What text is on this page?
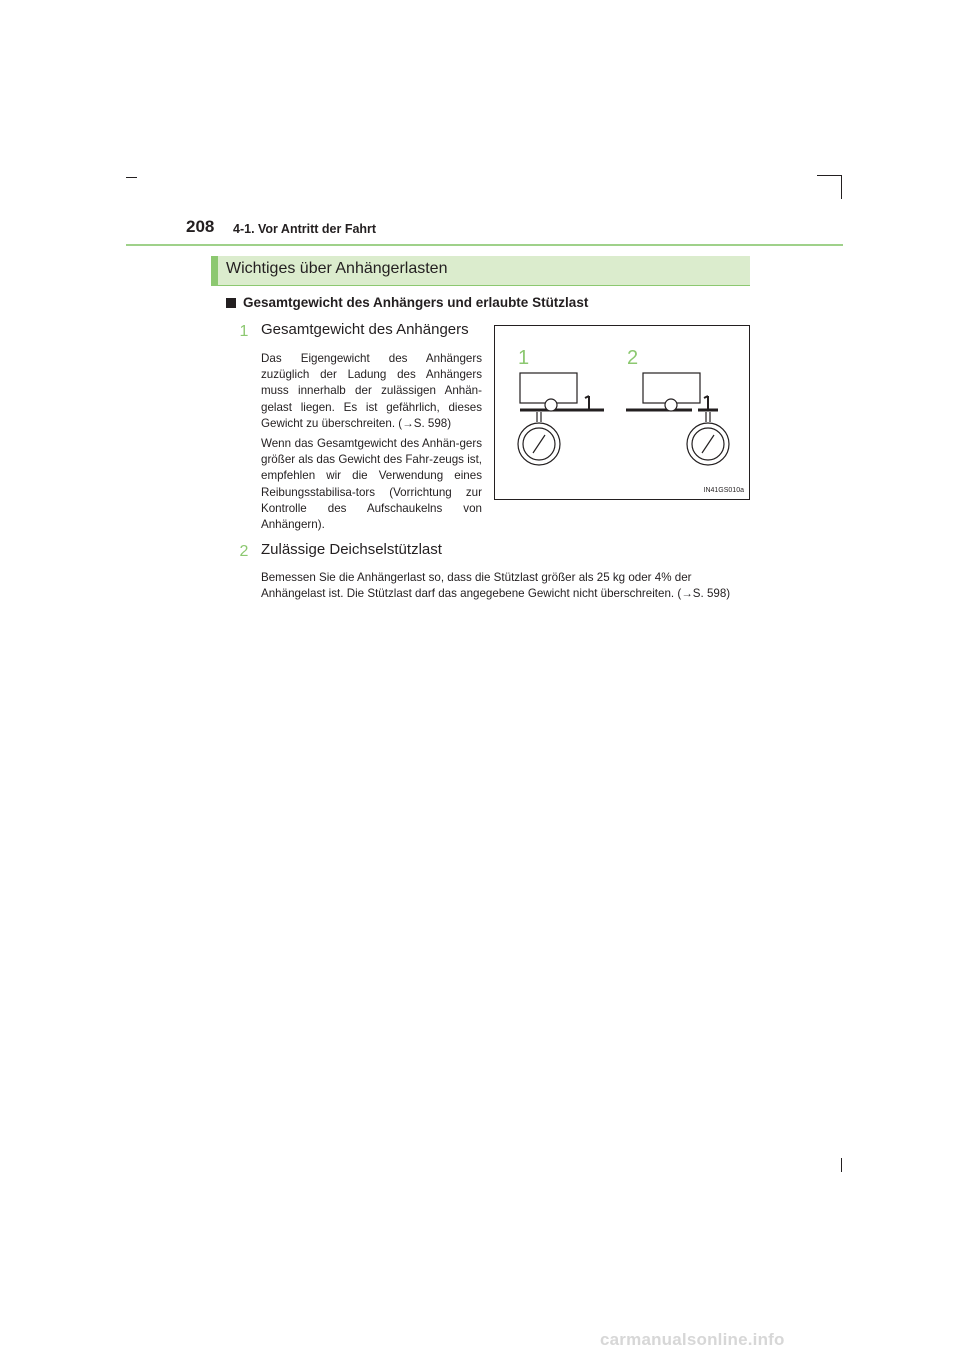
208 4-1. Vor Antritt der Fahrt
Wichtiges über Anhängerlasten
Gesamtgewicht des Anhängers und erlaubte Stützlast
1 Gesamtgewicht des Anhängers
Das Eigengewicht des Anhängers zuzüglich der Ladung des Anhängers muss innerhalb der zulässigen Anhän-gelast liegen. Es ist gefährlich, dieses Gewicht zu überschreiten. (→S. 598)
Wenn das Gesamtgewicht des Anhän-gers größer als das Gewicht des Fahr-zeugs ist, empfehlen wir die Verwendung eines Reibungsstabilisa-tors (Vorrichtung zur Kontrolle des Aufschaukelns von Anhängern).
1	2
IN41GS010a
2 Zulässige Deichselstützlast
Bemessen Sie die Anhängerlast so, dass die Stützlast größer als 25 kg oder 4% der Anhängelast ist. Die Stützlast darf das angegebene Gewicht nicht überschreiten. (→S. 598)
carmanualsonline.info
